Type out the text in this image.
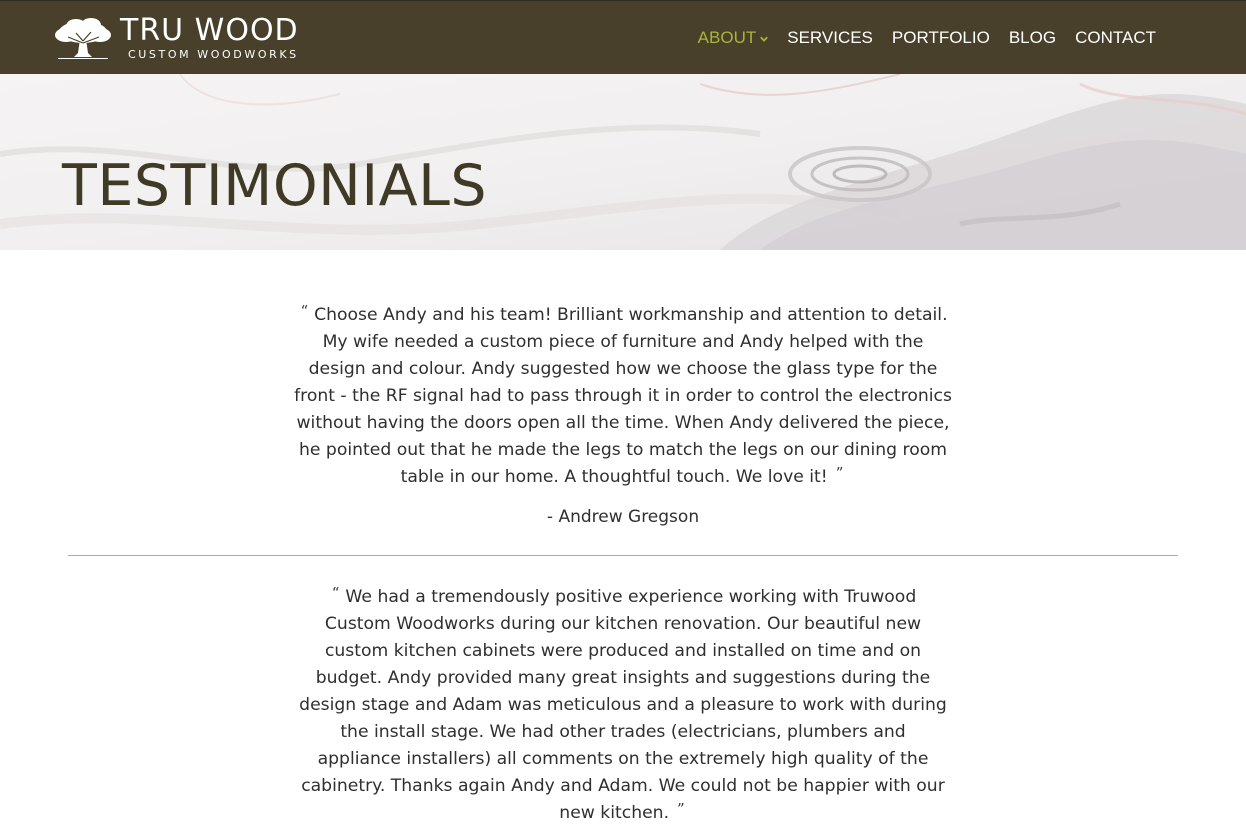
TRU WOOD
CUSTOM WOODWORKS
ABOUT SERVICES PORTFOLIO BLOG CONTACT
TESTIMONIALS

“ Choose Andy and his team! Brilliant workmanship and attention to detail. My wife needed a custom piece of furniture and Andy helped with the design and colour. Andy suggested how we choose the glass type for the front - the RF signal had to pass through it in order to control the electronics without having the doors open all the time. When Andy delivered the piece, he pointed out that he made the legs to match the legs on our dining room table in our home. A thoughtful touch. We love it! ”

- Andrew Gregson

“ We had a tremendously positive experience working with Truwood Custom Woodworks during our kitchen renovation. Our beautiful new custom kitchen cabinets were produced and installed on time and on budget. Andy provided many great insights and suggestions during the design stage and Adam was meticulous and a pleasure to work with during the install stage. We had other trades (electricians, plumbers and appliance installers) all comments on the extremely high quality of the cabinetry. Thanks again Andy and Adam. We could not be happier with our new kitchen. ”
